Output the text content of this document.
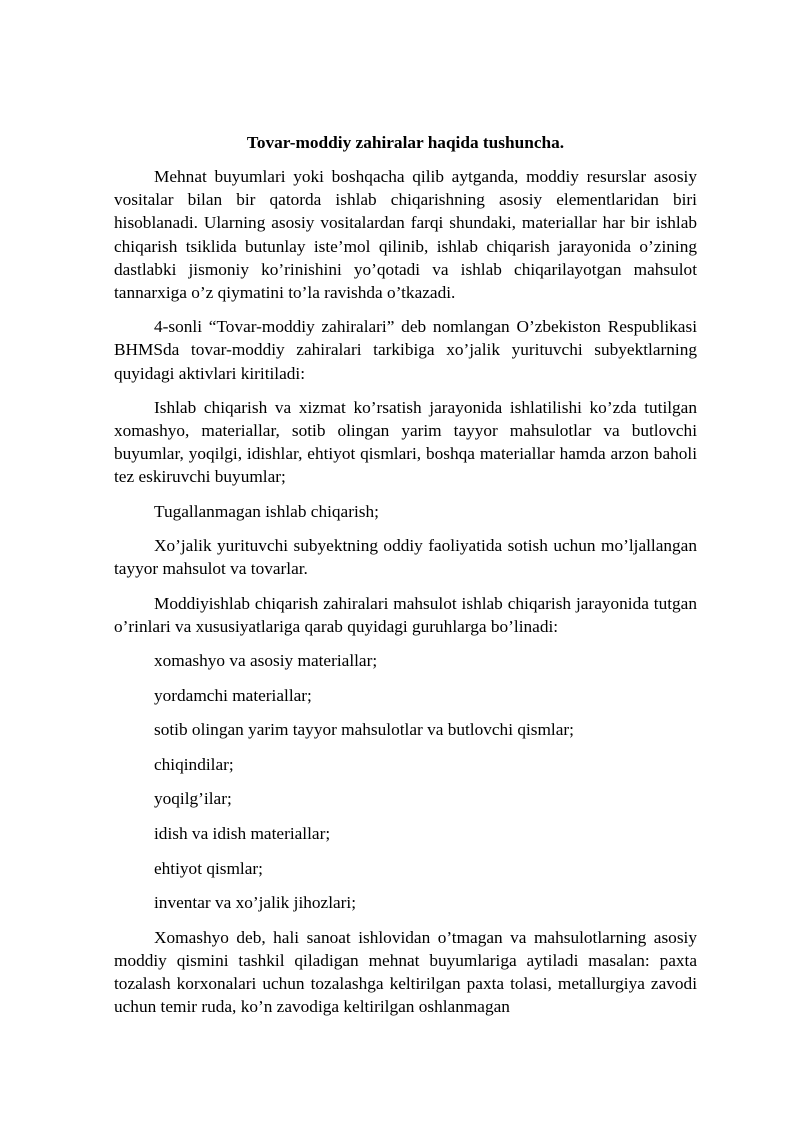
Tovar-moddiy zahiralar haqida tushuncha.

Mehnat buyumlari yoki boshqacha qilib aytganda, moddiy resurslar asosiy vositalar bilan bir qatorda ishlab chiqarishning asosiy elementlaridan biri hisoblanadi. Ularning asosiy vositalardan farqi shundaki, materiallar har bir ishlab chiqarish tsiklida butunlay iste’mol qilinib, ishlab chiqarish jarayonida o’zining dastlabki jismoniy ko’rinishini yo’qotadi va ishlab chiqarilayotgan mahsulot tannarxiga o’z qiymatini to’la ravishda o’tkazadi.

4-sonli “Tovar-moddiy zahiralari” deb nomlangan O’zbekiston Respublikasi BHMSda tovar-moddiy zahiralari tarkibiga xo’jalik yurituvchi subyektlarning quyidagi aktivlari kiritiladi:

Ishlab chiqarish va xizmat ko’rsatish jarayonida ishlatilishi ko’zda tutilgan xomashyo, materiallar, sotib olingan yarim tayyor mahsulotlar va butlovchi buyumlar, yoqilgi, idishlar, ehtiyot qismlari, boshqa materiallar hamda arzon baholi tez eskiruvchi buyumlar;

Tugallanmagan ishlab chiqarish;

Xo’jalik yurituvchi subyektning oddiy faoliyatida sotish uchun mo’ljallangan tayyor mahsulot va tovarlar.

Moddiyishlab chiqarish zahiralari mahsulot ishlab chiqarish jarayonida tutgan o’rinlari va xususiyatlariga qarab quyidagi guruhlarga bo’linadi:

xomashyo va asosiy materiallar;

yordamchi materiallar;

sotib olingan yarim tayyor mahsulotlar va butlovchi qismlar;

chiqindilar;

yoqilg’ilar;

idish va idish materiallar;

ehtiyot qismlar;

inventar va xo’jalik jihozlari;

Xomashyo deb, hali sanoat ishlovidan o’tmagan va mahsulotlarning asosiy moddiy qismini tashkil qiladigan mehnat buyumlariga aytiladi masalan: paxta tozalash korxonalari uchun tozalashga keltirilgan paxta tolasi, metallurgiya zavodi uchun temir ruda, ko’n zavodiga keltirilgan oshlanmagan
